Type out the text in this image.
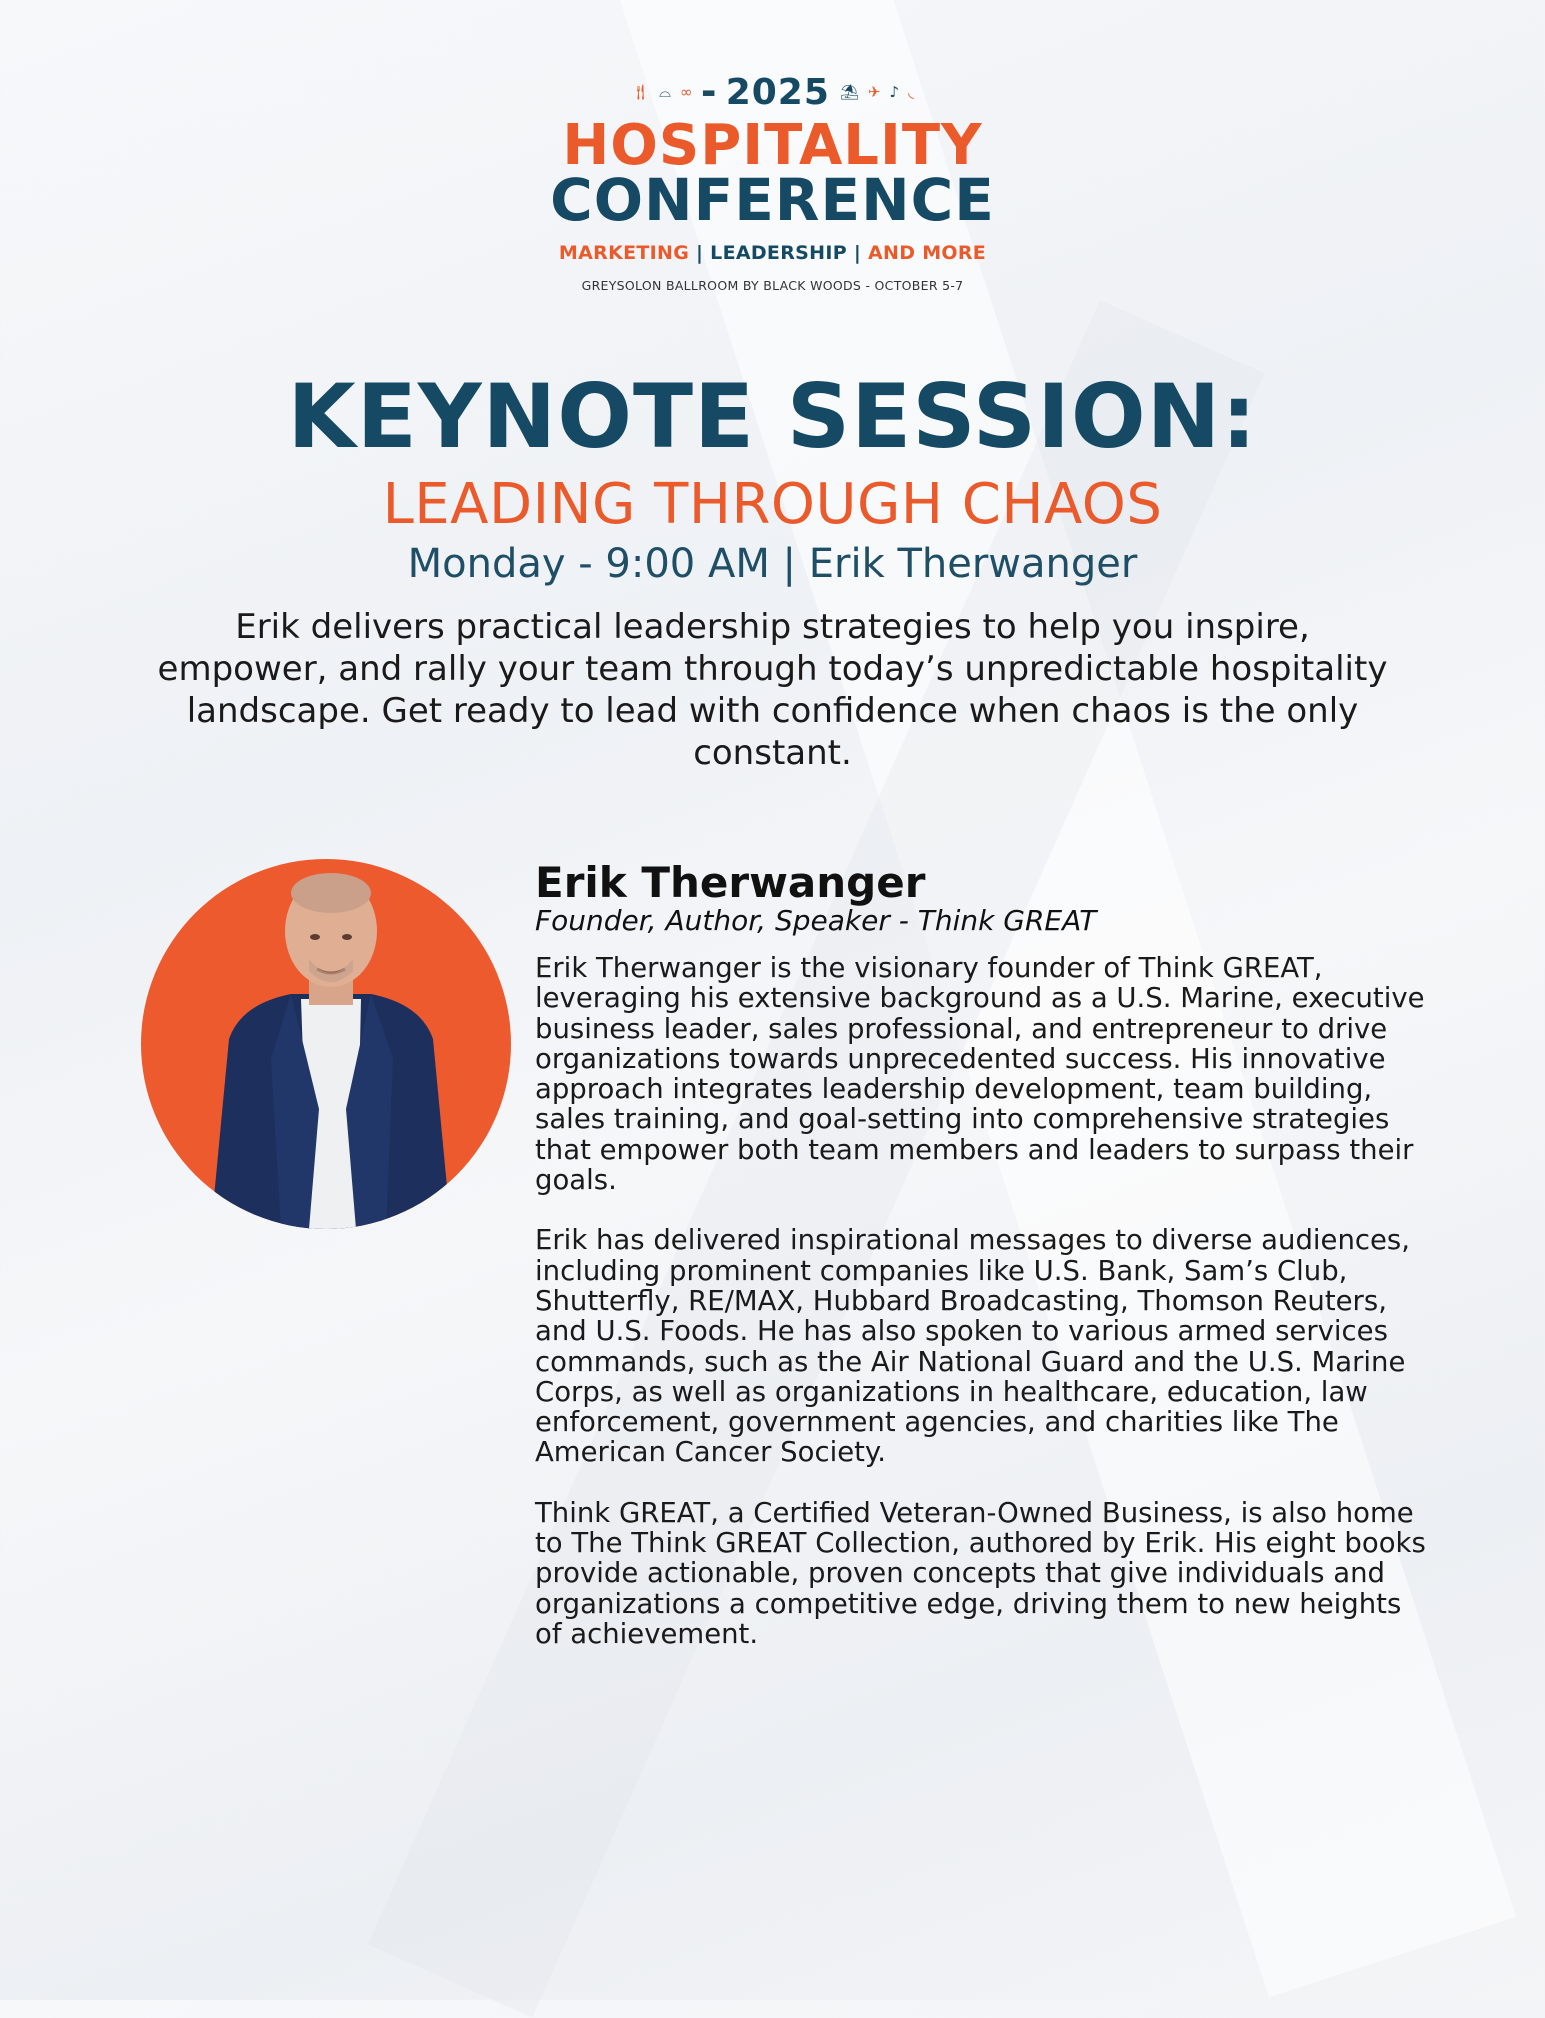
🍴︎ ⌓ ∞ ▬ 2025 ⛱︎ ✈︎ ♪ ◟
HOSPITALITY
CONFERENCE
MARKETING | LEADERSHIP | AND MORE
GREYSOLON BALLROOM BY BLACK WOODS - OCTOBER 5-7
KEYNOTE SESSION:
LEADING THROUGH CHAOS
Monday - 9:00 AM | Erik Therwanger
Erik delivers practical leadership strategies to help you inspire, empower, and rally your team through today’s unpredictable hospitality landscape. Get ready to lead with confidence when chaos is the only constant.
Erik Therwanger
Founder, Author, Speaker - Think GREAT

Erik Therwanger is the visionary founder of Think GREAT, leveraging his extensive background as a U.S. Marine, executive business leader, sales professional, and entrepreneur to drive organizations towards unprecedented success. His innovative approach integrates leadership development, team building, sales training, and goal-setting into comprehensive strategies that empower both team members and leaders to surpass their goals.

Erik has delivered inspirational messages to diverse audiences, including prominent companies like U.S. Bank, Sam’s Club, Shutterfly, RE/MAX, Hubbard Broadcasting, Thomson Reuters, and U.S. Foods. He has also spoken to various armed services commands, such as the Air National Guard and the U.S. Marine Corps, as well as organizations in healthcare, education, law enforcement, government agencies, and charities like The American Cancer Society.

Think GREAT, a Certified Veteran-Owned Business, is also home to The Think GREAT Collection, authored by Erik. His eight books provide actionable, proven concepts that give individuals and organizations a competitive edge, driving them to new heights of achievement.
